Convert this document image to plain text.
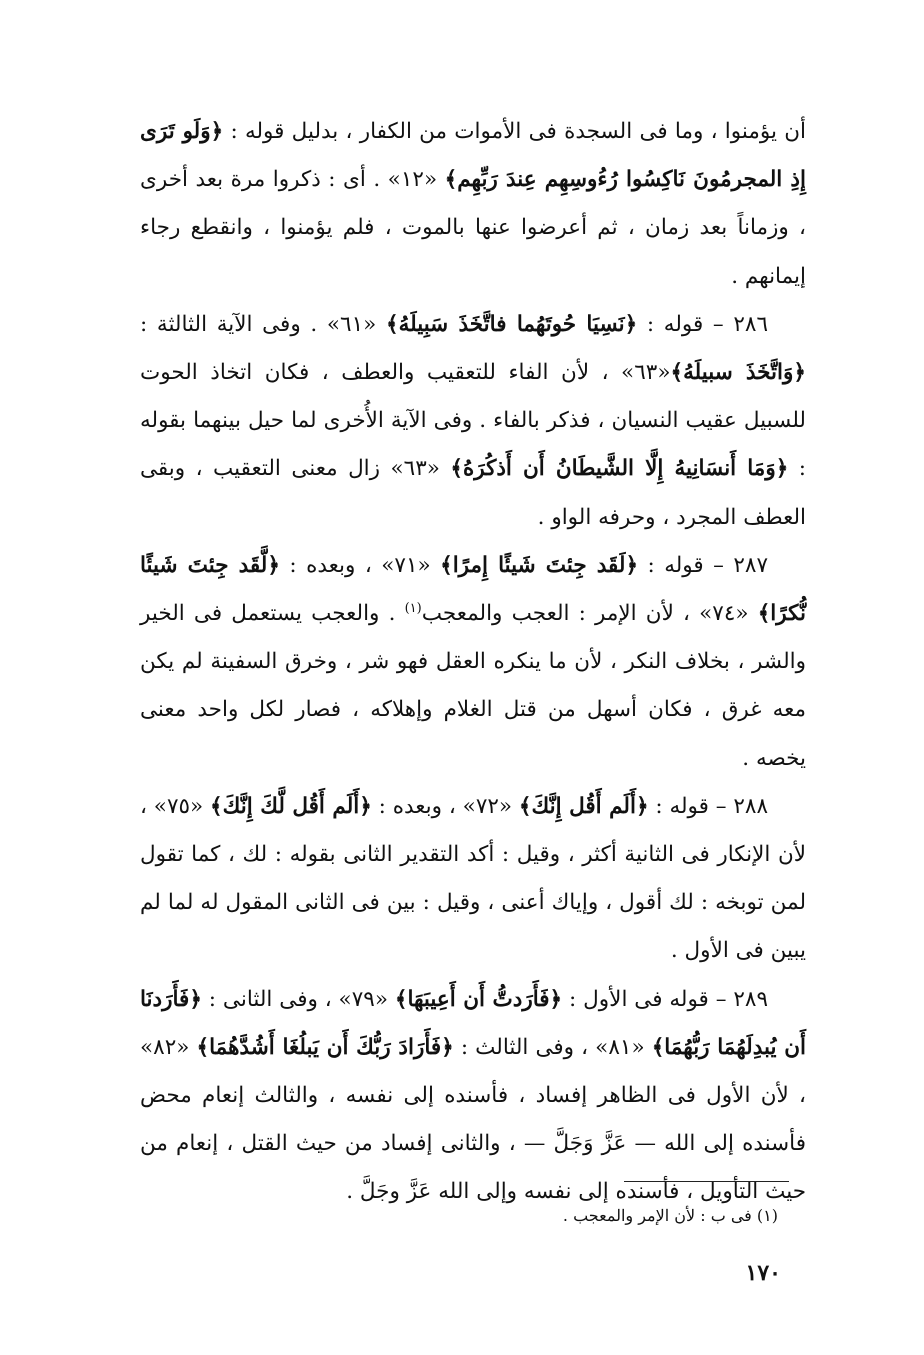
أن يؤمنوا ، وما فى السجدة فى الأموات من الكفار ، بدليل قوله : ﴿وَلَو تَرَى إِذِ المجرمُونَ نَاكِسُوا رُءُوسِهِم عِندَ رَبِّهِم﴾ «١٢» . أى : ذكروا مرة بعد أخرى ، وزماناً بعد زمان ، ثم أعرضوا عنها بالموت ، فلم يؤمنوا ، وانقطع رجاء إيمانهم .

٢٨٦ – قوله : ﴿نَسِيَا حُوتَهُما فاتَّخَذَ سَبِيلَهُ﴾ «٦١» . وفى الآية الثالثة : ﴿وَاتَّخَذَ سبيلَهُ﴾«٦٣» ، لأن الفاء للتعقيب والعطف ، فكان اتخاذ الحوت للسبيل عقيب النسيان ، فذكر بالفاء . وفى الآية الأُخرى لما حيل بينهما بقوله : ﴿وَمَا أَنسَانِيهُ إِلَّا الشَّيطَانُ أَن أَذكُرَهُ﴾ «٦٣» زال معنى التعقيب ، وبقى العطف المجرد ، وحرفه الواو .

٢٨٧ – قوله : ﴿لَقَد جِئتَ شَيئًا إِمرًا﴾ «٧١» ، وبعده : ﴿لَّقَد جِئتَ شَيئًا نُّكرًا﴾ «٧٤» ، لأن الإمر : العجب والمعجب$^{(١)}$ . والعجب يستعمل فى الخير والشر ، بخلاف النكر ، لأن ما ينكره العقل فهو شر ، وخرق السفينة لم يكن معه غرق ، فكان أسهل من قتل الغلام وإهلاكه ، فصار لكل واحد معنى يخصه .

٢٨٨ – قوله : ﴿أَلَم أَقُل إِنَّكَ﴾ «٧٢» ، وبعده : ﴿أَلَم أَقُل لَّكَ إِنَّكَ﴾ «٧٥» ، لأن الإنكار فى الثانية أكثر ، وقيل : أكد التقدير الثانى بقوله : لك ، كما تقول لمن توبخه : لك أقول ، وإياك أعنى ، وقيل : بين فى الثانى المقول له لما لم يبين فى الأول .

٢٨٩ – قوله فى الأول : ﴿فَأَرَدتُّ أَن أَعِيبَهَا﴾ «٧٩» ، وفى الثانى : ﴿فَأَرَدنَا أَن يُبدِلَهُمَا رَبُّهُمَا﴾ «٨١» ، وفى الثالث : ﴿فَأَرَادَ رَبُّكَ أَن يَبلُغَا أَشُدَّهُمَا﴾ «٨٢» ، لأن الأول فى الظاهر إفساد ، فأسنده إلى نفسه ، والثالث إنعام محض فأسنده إلى الله — عَزَّ وَجَلَّ — ، والثانى إفساد من حيث القتل ، إنعام من حيث التأويل ، فأسنده إلى نفسه وإلى الله عَزَّ وجَلَّ .

(١) فى ب : لأن الإمر والمعجب .
١٧٠
